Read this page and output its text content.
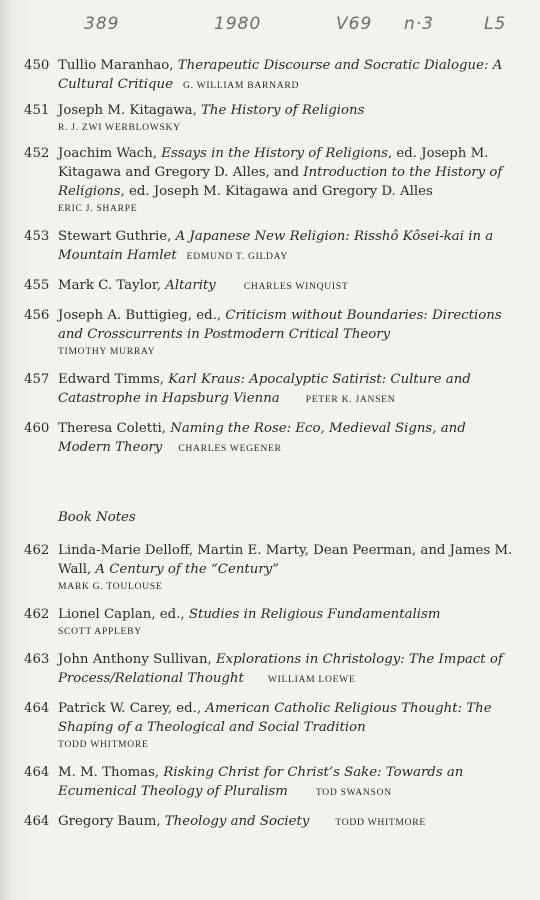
389	1980	V69 n·3	L5
450 Tullio Maranhao, Therapeutic Discourse and Socratic Dialogue: A Cultural Critique G. WILLIAM BARNARD
451 Joseph M. Kitagawa, The History of Religions
R. J. ZWI WERBLOWSKY
452 Joachim Wach, Essays in the History of Religions, ed. Joseph M. Kitagawa and Gregory D. Alles, and Introduction to the History of Religions, ed. Joseph M. Kitagawa and Gregory D. Alles
ERIC J. SHARPE
453 Stewart Guthrie, A Japanese New Religion: Risshô Kôsei-kai in a Mountain Hamlet EDMUND T. GILDAY
455 Mark C. Taylor, Altarity	CHARLES WINQUIST
456 Joseph A. Buttigieg, ed., Criticism without Boundaries: Directions and Crosscurrents in Postmodern Critical Theory
TIMOTHY MURRAY
457 Edward Timms, Karl Kraus: Apocalyptic Satirist: Culture and Catastrophe in Hapsburg Vienna	PETER K. JANSEN
460 Theresa Coletti, Naming the Rose: Eco, Medieval Signs, and Modern Theory CHARLES WEGENER
Book Notes
462 Linda-Marie Delloff, Martin E. Marty, Dean Peerman, and James M. Wall, A Century of the “Century”
MARK G. TOULOUSE
462 Lionel Caplan, ed., Studies in Religious Fundamentalism
SCOTT APPLEBY
463 John Anthony Sullivan, Explorations in Christology: The Impact of Process/Relational Thought	WILLIAM LOEWE
464 Patrick W. Carey, ed., American Catholic Religious Thought: The Shaping of a Theological and Social Tradition
TODD WHITMORE
464 M. M. Thomas, Risking Christ for Christ’s Sake: Towards an Ecumenical Theology of Pluralism	TOD SWANSON
464 Gregory Baum, Theology and Society	TODD WHITMORE
